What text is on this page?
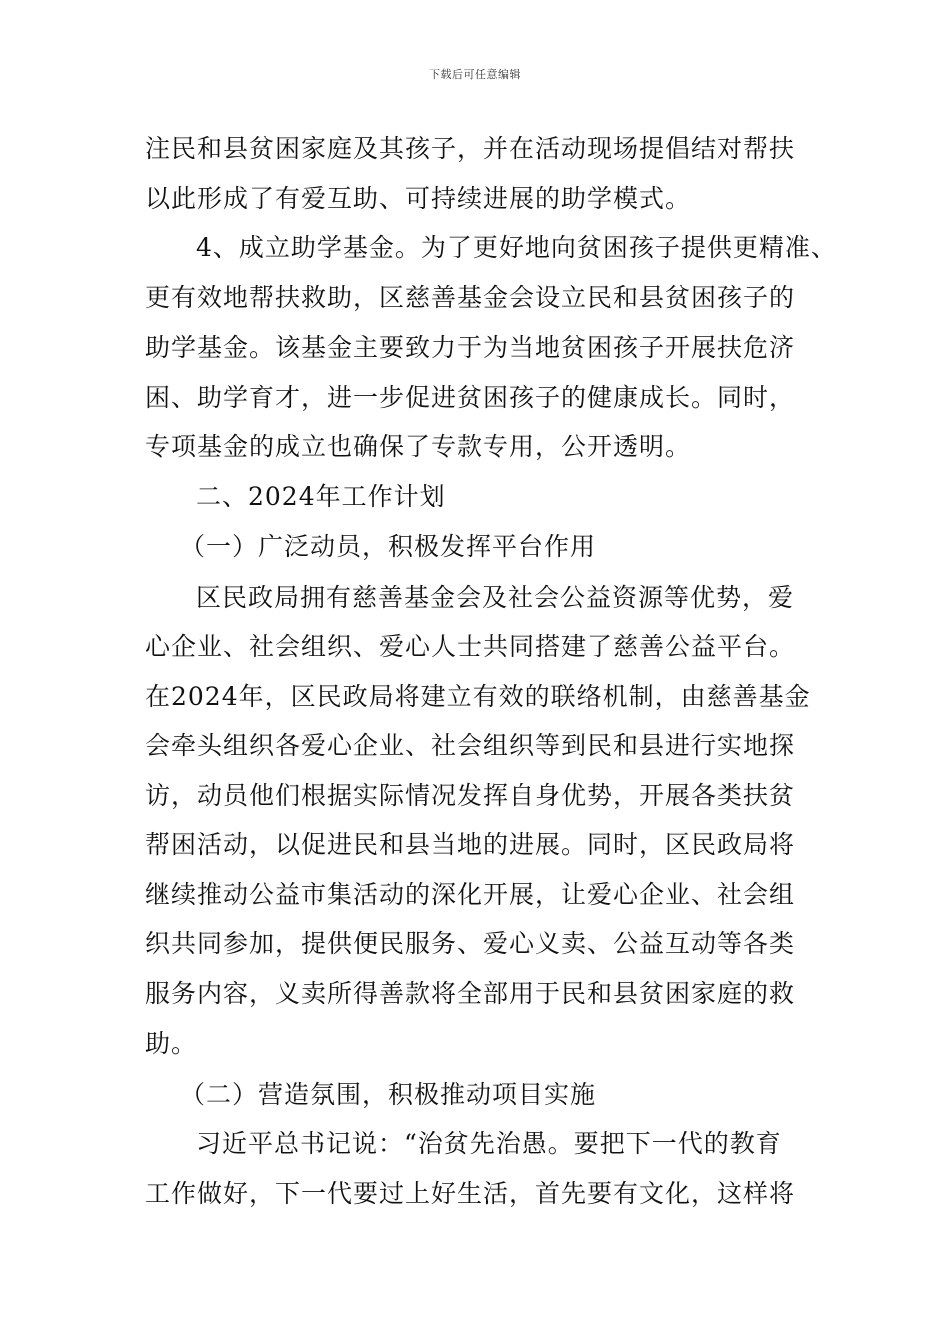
下载后可任意编辑
注民和县贫困家庭及其孩子，并在活动现场提倡结对帮扶
以此形成了有爱互助、可持续进展的助学模式。
4、成立助学基金。为了更好地向贫困孩子提供更精准、
更有效地帮扶救助，区慈善基金会设立民和县贫困孩子的
助学基金。该基金主要致力于为当地贫困孩子开展扶危济
困、助学育才，进一步促进贫困孩子的健康成长。同时，
专项基金的成立也确保了专款专用，公开透明。
二、2024年工作计划
（一）广泛动员，积极发挥平台作用
区民政局拥有慈善基金会及社会公益资源等优势，爱
心企业、社会组织、爱心人士共同搭建了慈善公益平台。
在2024年，区民政局将建立有效的联络机制，由慈善基金
会牵头组织各爱心企业、社会组织等到民和县进行实地探
访，动员他们根据实际情况发挥自身优势，开展各类扶贫
帮困活动，以促进民和县当地的进展。同时，区民政局将
继续推动公益市集活动的深化开展，让爱心企业、社会组
织共同参加，提供便民服务、爱心义卖、公益互动等各类
服务内容，义卖所得善款将全部用于民和县贫困家庭的救
助。
（二）营造氛围，积极推动项目实施
习近平总书记说：“治贫先治愚。要把下一代的教育
工作做好，下一代要过上好生活，首先要有文化，这样将
